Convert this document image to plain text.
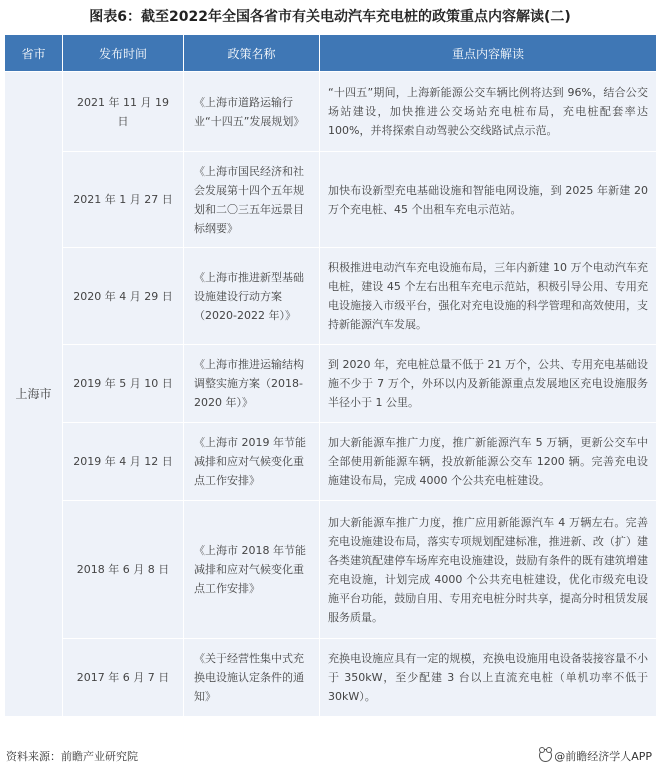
图表6：截至2022年全国各省市有关电动汽车充电桩的政策重点内容解读(二)
省市	发布时间	政策名称	重点内容解读
上海市	2021 年 11 月 19 日	《上海市道路运输行业“十四五”发展规划》	“十四五”期间，上海新能源公交车辆比例将达到 96%，结合公交场站建设，加快推进公交场站充电桩布局，充电桩配套率达 100%，并将探索自动驾驶公交线路试点示范。
	2021 年 1 月 27 日	《上海市国民经济和社会发展第十四个五年规划和二〇三五年远景目标纲要》	加快布设新型充电基础设施和智能电网设施，到 2025 年新建 20 万个充电桩、45 个出租车充电示范站。
	2020 年 4 月 29 日	《上海市推进新型基础设施建设行动方案（2020-2022 年）》	积极推进电动汽车充电设施布局，三年内新建 10 万个电动汽车充电桩，建设 45 个左右出租车充电示范站，积极引导公用、专用充电设施接入市级平台，强化对充电设施的科学管理和高效使用，支持新能源汽车发展。
	2019 年 5 月 10 日	《上海市推进运输结构调整实施方案（2018-2020 年）》	到 2020 年，充电桩总量不低于 21 万个，公共、专用充电基础设施不少于 7 万个，外环以内及新能源重点发展地区充电设施服务半径小于 1 公里。
	2019 年 4 月 12 日	《上海市 2019 年节能减排和应对气候变化重点工作安排》	加大新能源车推广力度，推广新能源汽车 5 万辆，更新公交车中全部使用新能源车辆，投放新能源公交车 1200 辆。完善充电设施建设布局，完成 4000 个公共充电桩建设。
	2018 年 6 月 8 日	《上海市 2018 年节能减排和应对气候变化重点工作安排》	加大新能源车推广力度，推广应用新能源汽车 4 万辆左右。完善充电设施建设布局，落实专项规划配建标准，推进新、改（扩）建各类建筑配建停车场库充电设施建设，鼓励有条件的既有建筑增建充电设施，计划完成 4000 个公共充电桩建设，优化市级充电设施平台功能，鼓励自用、专用充电桩分时共享，提高分时租赁发展服务质量。
	2017 年 6 月 7 日	《关于经营性集中式充换电设施认定条件的通知》	充换电设施应具有一定的规模，充换电设施用电设备装接容量不小于 350kW，至少配建 3 台以上直流充电桩（单机功率不低于 30kW）。
资料来源：前瞻产业研究院	@前瞻经济学人APP
